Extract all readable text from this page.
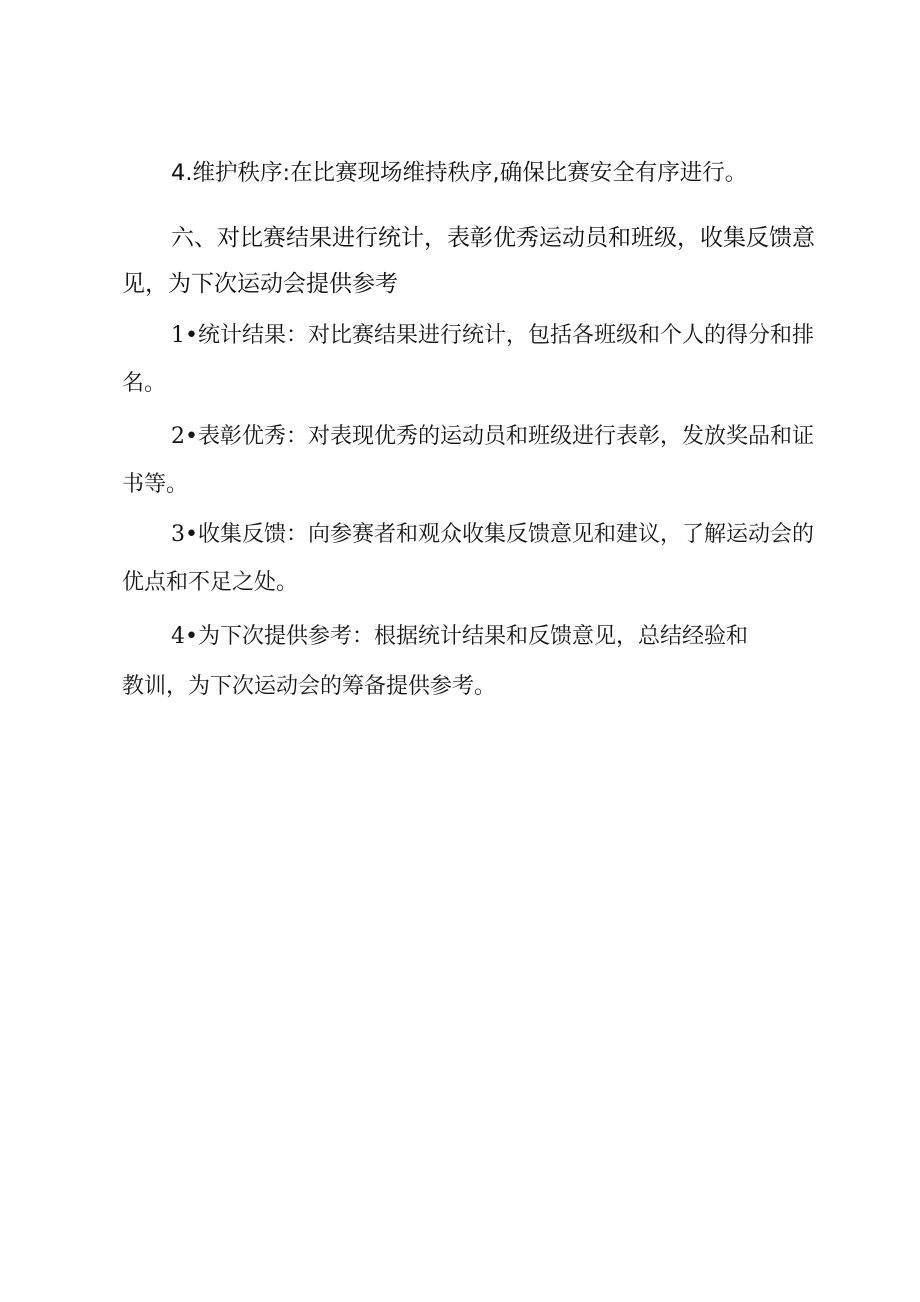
4.维护秩序:在比赛现场维持秩序,确保比赛安全有序进行。
六、对比赛结果进行统计，表彰优秀运动员和班级，收集反馈意
见，为下次运动会提供参考
1•统计结果：对比赛结果进行统计，包括各班级和个人的得分和排
名。
2•表彰优秀：对表现优秀的运动员和班级进行表彰，发放奖品和证
书等。
3•收集反馈：向参赛者和观众收集反馈意见和建议，了解运动会的
优点和不足之处。
4•为下次提供参考：根据统计结果和反馈意见，总结经验和
教训，为下次运动会的筹备提供参考。
